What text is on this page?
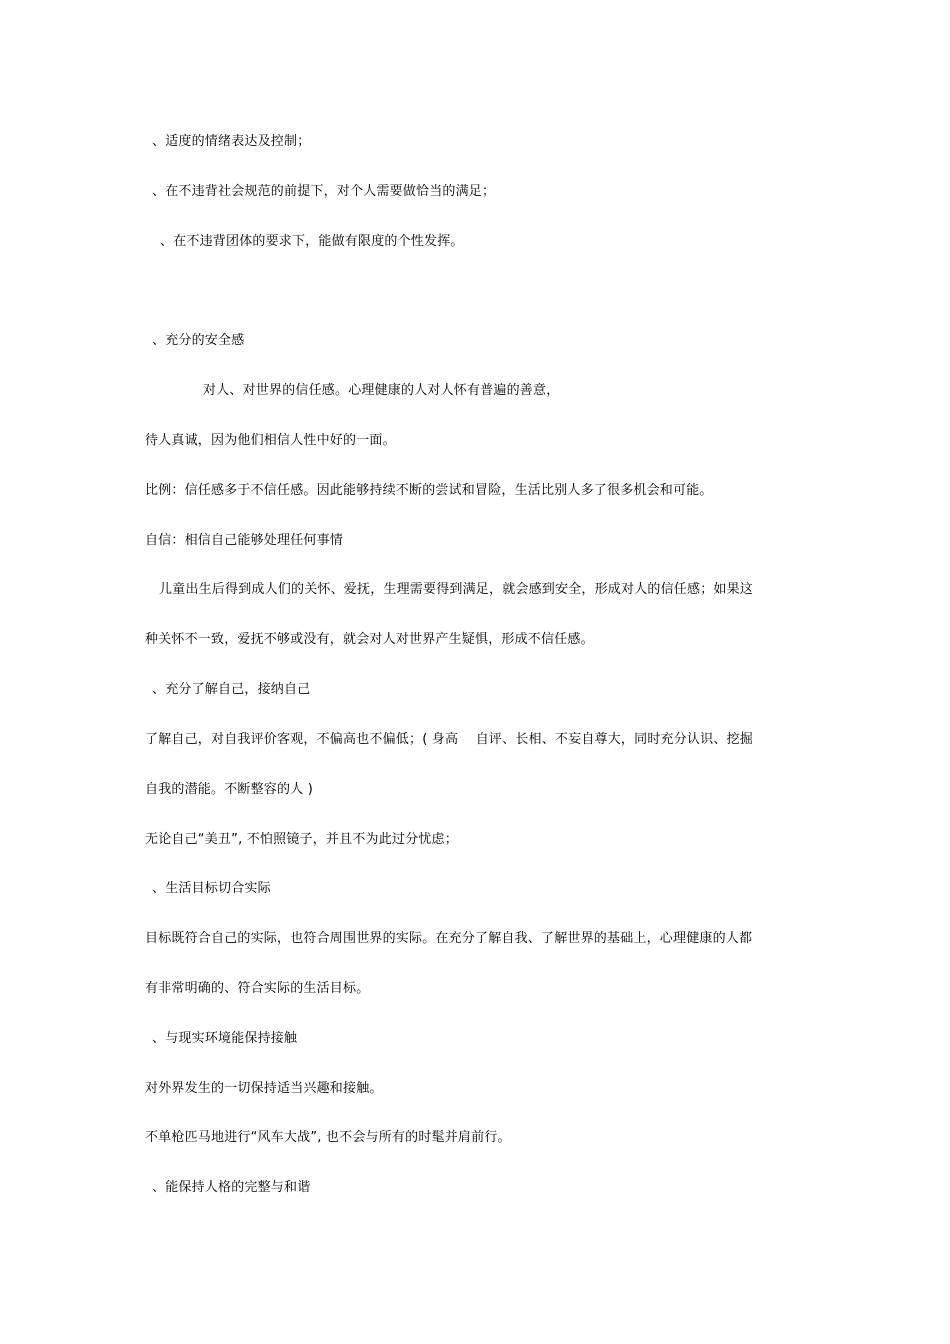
、适度的情绪表达及控制；
、在不违背社会规范的前提下，对个人需要做恰当的满足；
、在不违背团体的要求下，能做有限度的个性发挥。
、充分的安全感
对人、对世界的信任感。心理健康的人对人怀有普遍的善意，
待人真诚，因为他们相信人性中好的一面。
比例：信任感多于不信任感。因此能够持续不断的尝试和冒险，生活比别人多了很多机会和可能。
自信：相信自己能够处理任何事情
儿童出生后得到成人们的关怀、爱抚，生理需要得到满足，就会感到安全，形成对人的信任感；如果这
种关怀不一致，爱抚不够或没有，就会对人对世界产生疑惧，形成不信任感。
、充分了解自己，接纳自己
了解自己，对自我评价客观，不偏高也不偏低；( 身高　 自评、长相、不妄自尊大，同时充分认识、挖掘
自我的潜能。不断整容的人 )
无论自己“美丑”, 不怕照镜子，并且不为此过分忧虑；
、生活目标切合实际
目标既符合自己的实际，也符合周围世界的实际。在充分了解自我、了解世界的基础上，心理健康的人都
有非常明确的、符合实际的生活目标。
、与现实环境能保持接触
对外界发生的一切保持适当兴趣和接触。
不单枪匹马地进行“风车大战”, 也不会与所有的时髦并肩前行。
、能保持人格的完整与和谐
